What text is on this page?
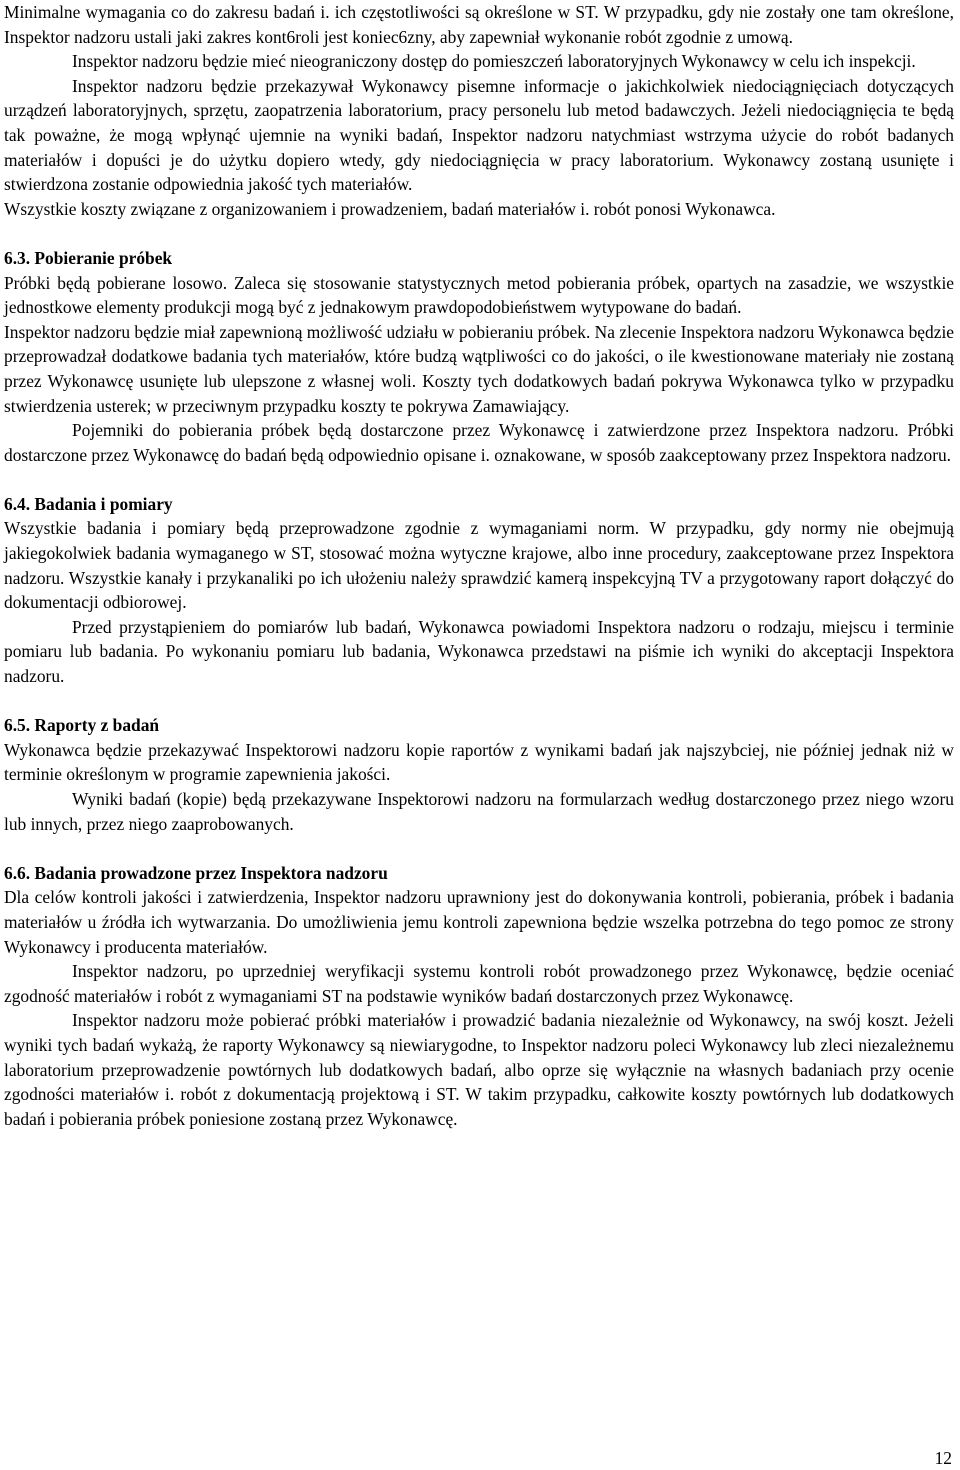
Minimalne wymagania co do zakresu badań i. ich częstotliwości są określone w ST. W przypadku, gdy nie zostały one tam określone, Inspektor nadzoru ustali jaki zakres kont6roli jest koniec6zny, aby zapewniał wykonanie robót zgodnie z umową.

Inspektor nadzoru będzie mieć nieograniczony dostęp do pomieszczeń laboratoryjnych Wykonawcy w celu ich inspekcji.

Inspektor nadzoru będzie przekazywał Wykonawcy pisemne informacje o jakichkolwiek niedociągnięciach dotyczących urządzeń laboratoryjnych, sprzętu, zaopatrzenia laboratorium, pracy personelu lub metod badawczych. Jeżeli niedociągnięcia te będą tak poważne, że mogą wpłynąć ujemnie na wyniki badań, Inspektor nadzoru natychmiast wstrzyma użycie do robót badanych materiałów i dopuści je do użytku dopiero wtedy, gdy niedociągnięcia w pracy laboratorium. Wykonawcy zostaną usunięte i stwierdzona zostanie odpowiednia jakość tych materiałów.

Wszystkie koszty związane z organizowaniem i prowadzeniem, badań materiałów i. robót ponosi Wykonawca.

6.3. Pobieranie próbek

Próbki będą pobierane losowo. Zaleca się stosowanie statystycznych metod pobierania próbek, opartych na zasadzie, we wszystkie jednostkowe elementy produkcji mogą być z jednakowym prawdopodobieństwem wytypowane do badań.

Inspektor nadzoru będzie miał zapewnioną możliwość udziału w pobieraniu próbek. Na zlecenie Inspektora nadzoru Wykonawca będzie przeprowadzał dodatkowe badania tych materiałów, które budzą wątpliwości co do jakości, o ile kwestionowane materiały nie zostaną przez Wykonawcę usunięte lub ulepszone z własnej woli. Koszty tych dodatkowych badań pokrywa Wykonawca tylko w przypadku stwierdzenia usterek; w przeciwnym przypadku koszty te pokrywa Zamawiający.

Pojemniki do pobierania próbek będą dostarczone przez Wykonawcę i zatwierdzone przez Inspektora nadzoru. Próbki dostarczone przez Wykonawcę do badań będą odpowiednio opisane i. oznakowane, w sposób zaakceptowany przez Inspektora nadzoru.

6.4. Badania i pomiary

Wszystkie badania i pomiary będą przeprowadzone zgodnie z wymaganiami norm. W przypadku, gdy normy nie obejmują jakiegokolwiek badania wymaganego w ST, stosować można wytyczne krajowe, albo inne procedury, zaakceptowane przez Inspektora nadzoru. Wszystkie kanały i przykanaliki po ich ułożeniu należy sprawdzić kamerą inspekcyjną TV a przygotowany raport dołączyć do dokumentacji odbiorowej.

Przed przystąpieniem do pomiarów lub badań, Wykonawca powiadomi Inspektora nadzoru o rodzaju, miejscu i terminie pomiaru lub badania. Po wykonaniu pomiaru lub badania, Wykonawca przedstawi na piśmie ich wyniki do akceptacji Inspektora nadzoru.

6.5. Raporty z badań

Wykonawca będzie przekazywać Inspektorowi nadzoru kopie raportów z wynikami badań jak najszybciej, nie później jednak niż w terminie określonym w programie zapewnienia jakości.

Wyniki badań (kopie) będą przekazywane Inspektorowi nadzoru na formularzach według dostarczonego przez niego wzoru lub innych, przez niego zaaprobowanych.

6.6. Badania prowadzone przez Inspektora nadzoru

Dla celów kontroli jakości i zatwierdzenia, Inspektor nadzoru uprawniony jest do dokonywania kontroli, pobierania, próbek i badania materiałów u źródła ich wytwarzania. Do umożliwienia jemu kontroli zapewniona będzie wszelka potrzebna do tego pomoc ze strony Wykonawcy i producenta materiałów.

Inspektor nadzoru, po uprzedniej weryfikacji systemu kontroli robót prowadzonego przez Wykonawcę, będzie oceniać zgodność materiałów i robót z wymaganiami ST na podstawie wyników badań dostarczonych przez Wykonawcę.

Inspektor nadzoru może pobierać próbki materiałów i prowadzić badania niezależnie od Wykonawcy, na swój koszt. Jeżeli wyniki tych badań wykażą, że raporty Wykonawcy są niewiarygodne, to Inspektor nadzoru poleci Wykonawcy lub zleci niezależnemu laboratorium przeprowadzenie powtórnych lub dodatkowych badań, albo oprze się wyłącznie na własnych badaniach przy ocenie zgodności materiałów i. robót z dokumentacją projektową i ST. W takim przypadku, całkowite koszty powtórnych lub dodatkowych badań i pobierania próbek poniesione zostaną przez Wykonawcę.

12
